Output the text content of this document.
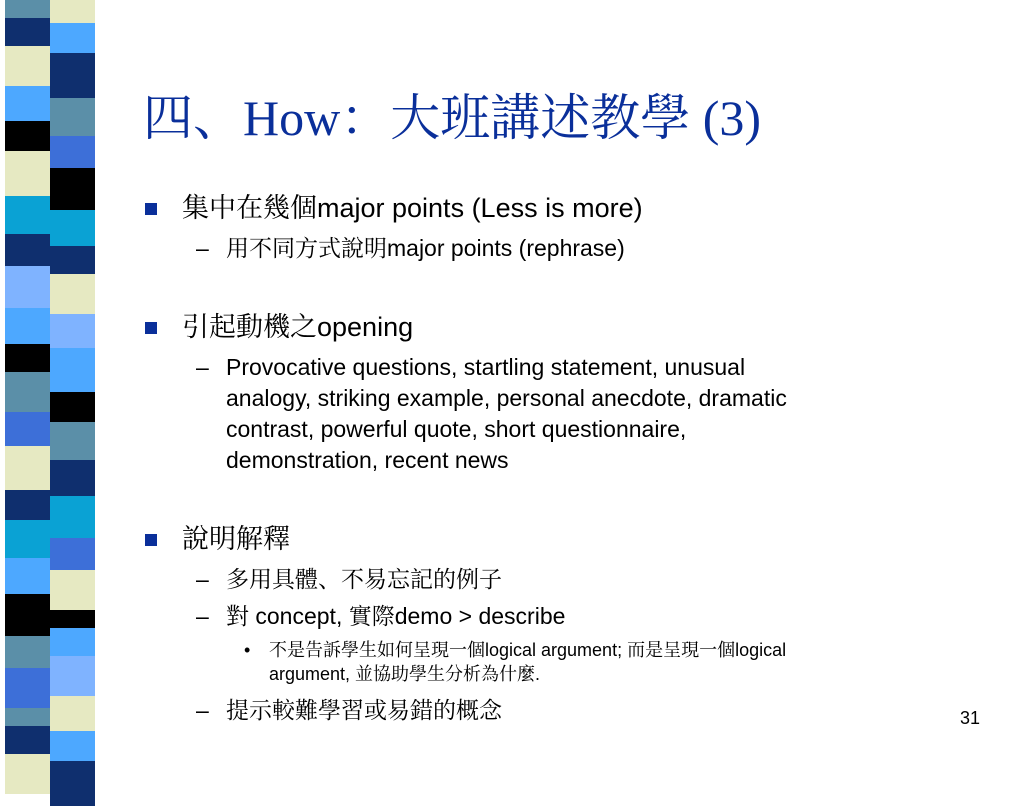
四、How：大班講述教學 (3)
集中在幾個major points (Less is more)
– 用不同方式說明major points (rephrase)
引起動機之opening
– Provocative questions, startling statement, unusual
analogy, striking example, personal anecdote, dramatic
contrast, powerful quote, short questionnaire,
demonstration, recent news
說明解釋
– 多用具體、不易忘記的例子
– 對 concept, 實際demo > describe
• 不是告訴學生如何呈現一個logical argument; 而是呈現一個logical
argument, 並協助學生分析為什麼.
– 提示較難學習或易錯的概念	31
